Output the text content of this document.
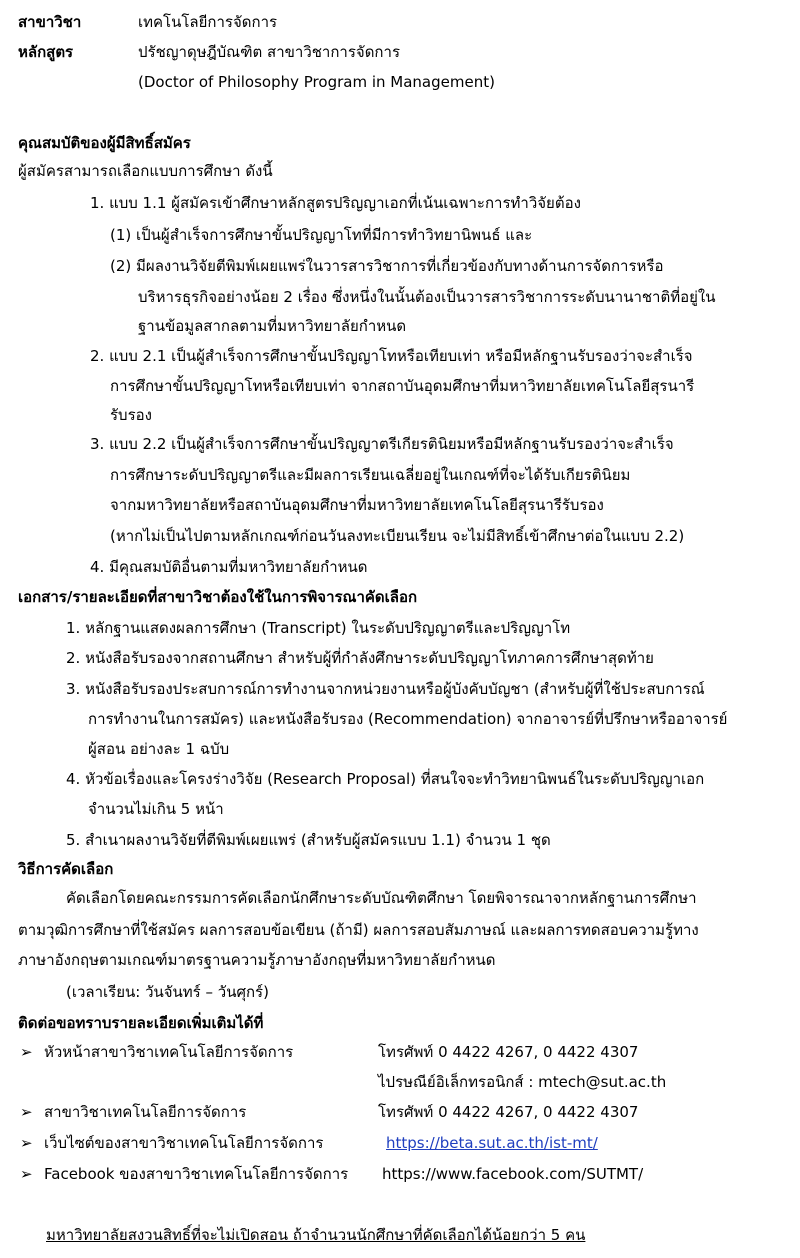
สาขาวิชา	เทคโนโลยีการจัดการ
หลักสูตร	ปรัชญาดุษฎีบัณฑิต สาขาวิชาการจัดการ
(Doctor of Philosophy Program in Management)
คุณสมบัติของผู้มีสิทธิ์สมัคร
ผู้สมัครสามารถเลือกแบบการศึกษา ดังนี้
1. แบบ 1.1 ผู้สมัครเข้าศึกษาหลักสูตรปริญญาเอกที่เน้นเฉพาะการทำวิจัยต้อง
(1) เป็นผู้สำเร็จการศึกษาขั้นปริญญาโทที่มีการทำวิทยานิพนธ์ และ
(2) มีผลงานวิจัยตีพิมพ์เผยแพร่ในวารสารวิชาการที่เกี่ยวข้องกับทางด้านการจัดการหรือ
บริหารธุรกิจอย่างน้อย 2 เรื่อง ซึ่งหนึ่งในนั้นต้องเป็นวารสารวิชาการระดับนานาชาติที่อยู่ใน
ฐานข้อมูลสากลตามที่มหาวิทยาลัยกำหนด
2. แบบ 2.1 เป็นผู้สำเร็จการศึกษาขั้นปริญญาโทหรือเทียบเท่า หรือมีหลักฐานรับรองว่าจะสำเร็จ
การศึกษาขั้นปริญญาโทหรือเทียบเท่า จากสถาบันอุดมศึกษาที่มหาวิทยาลัยเทคโนโลยีสุรนารี
รับรอง
3. แบบ 2.2 เป็นผู้สำเร็จการศึกษาขั้นปริญญาตรีเกียรตินิยมหรือมีหลักฐานรับรองว่าจะสำเร็จ
การศึกษาระดับปริญญาตรีและมีผลการเรียนเฉลี่ยอยู่ในเกณฑ์ที่จะได้รับเกียรตินิยม
จากมหาวิทยาลัยหรือสถาบันอุดมศึกษาที่มหาวิทยาลัยเทคโนโลยีสุรนารีรับรอง
(หากไม่เป็นไปตามหลักเกณฑ์ก่อนวันลงทะเบียนเรียน จะไม่มีสิทธิ์เข้าศึกษาต่อในแบบ 2.2)
4. มีคุณสมบัติอื่นตามที่มหาวิทยาลัยกำหนด
เอกสาร/รายละเอียดที่สาขาวิชาต้องใช้ในการพิจารณาคัดเลือก
1. หลักฐานแสดงผลการศึกษา (Transcript) ในระดับปริญญาตรีและปริญญาโท
2. หนังสือรับรองจากสถานศึกษา สำหรับผู้ที่กำลังศึกษาระดับปริญญาโทภาคการศึกษาสุดท้าย
3. หนังสือรับรองประสบการณ์การทำงานจากหน่วยงานหรือผู้บังคับบัญชา (สำหรับผู้ที่ใช้ประสบการณ์
การทำงานในการสมัคร) และหนังสือรับรอง (Recommendation) จากอาจารย์ที่ปรึกษาหรืออาจารย์
ผู้สอน อย่างละ 1 ฉบับ
4. หัวข้อเรื่องและโครงร่างวิจัย (Research Proposal) ที่สนใจจะทำวิทยานิพนธ์ในระดับปริญญาเอก
จำนวนไม่เกิน 5 หน้า
5. สำเนาผลงานวิจัยที่ตีพิมพ์เผยแพร่ (สำหรับผู้สมัครแบบ 1.1) จำนวน 1 ชุด
วิธีการคัดเลือก
คัดเลือกโดยคณะกรรมการคัดเลือกนักศึกษาระดับบัณฑิตศึกษา โดยพิจารณาจากหลักฐานการศึกษา
ตามวุฒิการศึกษาที่ใช้สมัคร ผลการสอบข้อเขียน (ถ้ามี) ผลการสอบสัมภาษณ์ และผลการทดสอบความรู้ทาง
ภาษาอังกฤษตามเกณฑ์มาตรฐานความรู้ภาษาอังกฤษที่มหาวิทยาลัยกำหนด
(เวลาเรียน: วันจันทร์ – วันศุกร์)
ติดต่อขอทราบรายละเอียดเพิ่มเติมได้ที่
➢ หัวหน้าสาขาวิชาเทคโนโลยีการจัดการ	โทรศัพท์ 0 4422 4267, 0 4422 4307
ไปรษณีย์อิเล็กทรอนิกส์ : mtech@sut.ac.th
➢ สาขาวิชาเทคโนโลยีการจัดการ	โทรศัพท์ 0 4422 4267, 0 4422 4307
➢ เว็บไซต์ของสาขาวิชาเทคโนโลยีการจัดการ	https://beta.sut.ac.th/ist-mt/
➢ Facebook ของสาขาวิชาเทคโนโลยีการจัดการ https://www.facebook.com/SUTMT/
มหาวิทยาลัยสงวนสิทธิ์ที่จะไม่เปิดสอน ถ้าจำนวนนักศึกษาที่คัดเลือกได้น้อยกว่า 5 คน
